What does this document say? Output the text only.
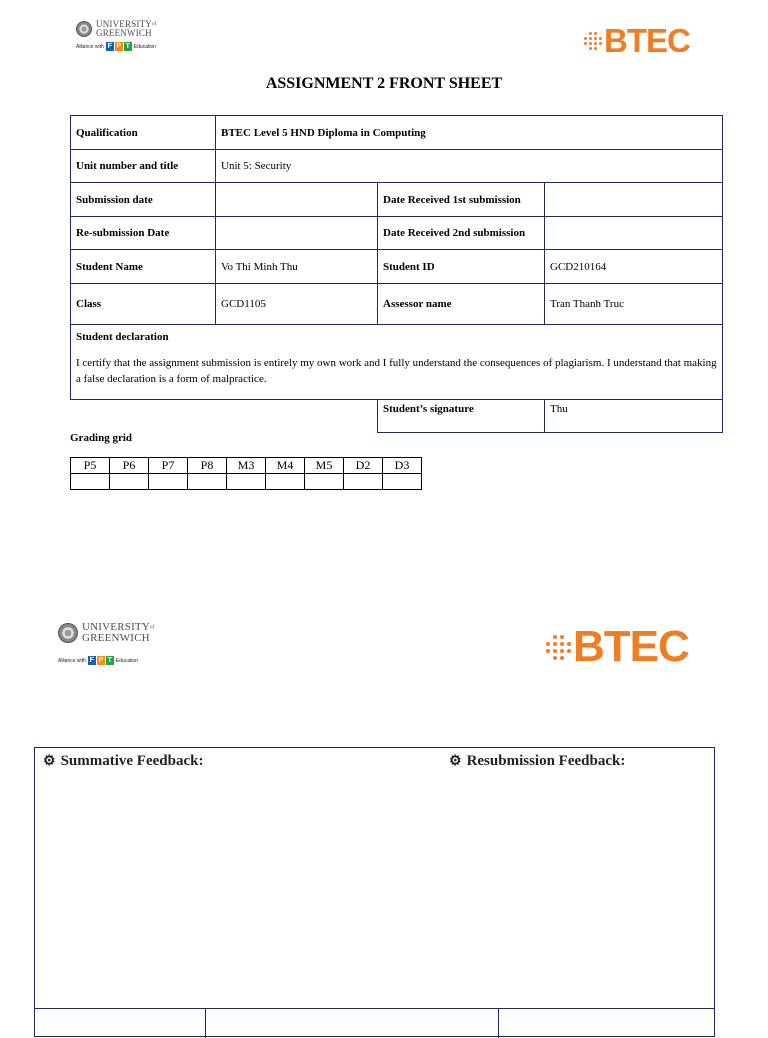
$UNIVERSITY^{of}$
GREENWICH
Alliance with F P T Education	BTEC
ASSIGNMENT 2 FRONT SHEET
Qualification	BTEC Level 5 HND Diploma in Computing		
Unit number and title	Unit 5: Security		
Submission date		Date Received 1st submission	
Re-submission Date		Date Received 2nd submission	
Student Name	Vo Thi Minh Thu	Student ID	GCD210164
Class	GCD1105	Assessor name	Tran Thanh Truc

Student declaration
I certify that the assignment submission is entirely my own work and I fully understand the consequences of plagiarism. I understand that making a false declaration is a form of malpractice.			

		Student’s signature	Thu
Grading grid
P5	P6	P7	P8	M3	M4	M5	D2	D3

$UNIVERSITY^{of}$
GREENWICH
Alliance with F P T Education	BTEC
⚙ Summative Feedback:	⚙ Resubmission Feedback:
